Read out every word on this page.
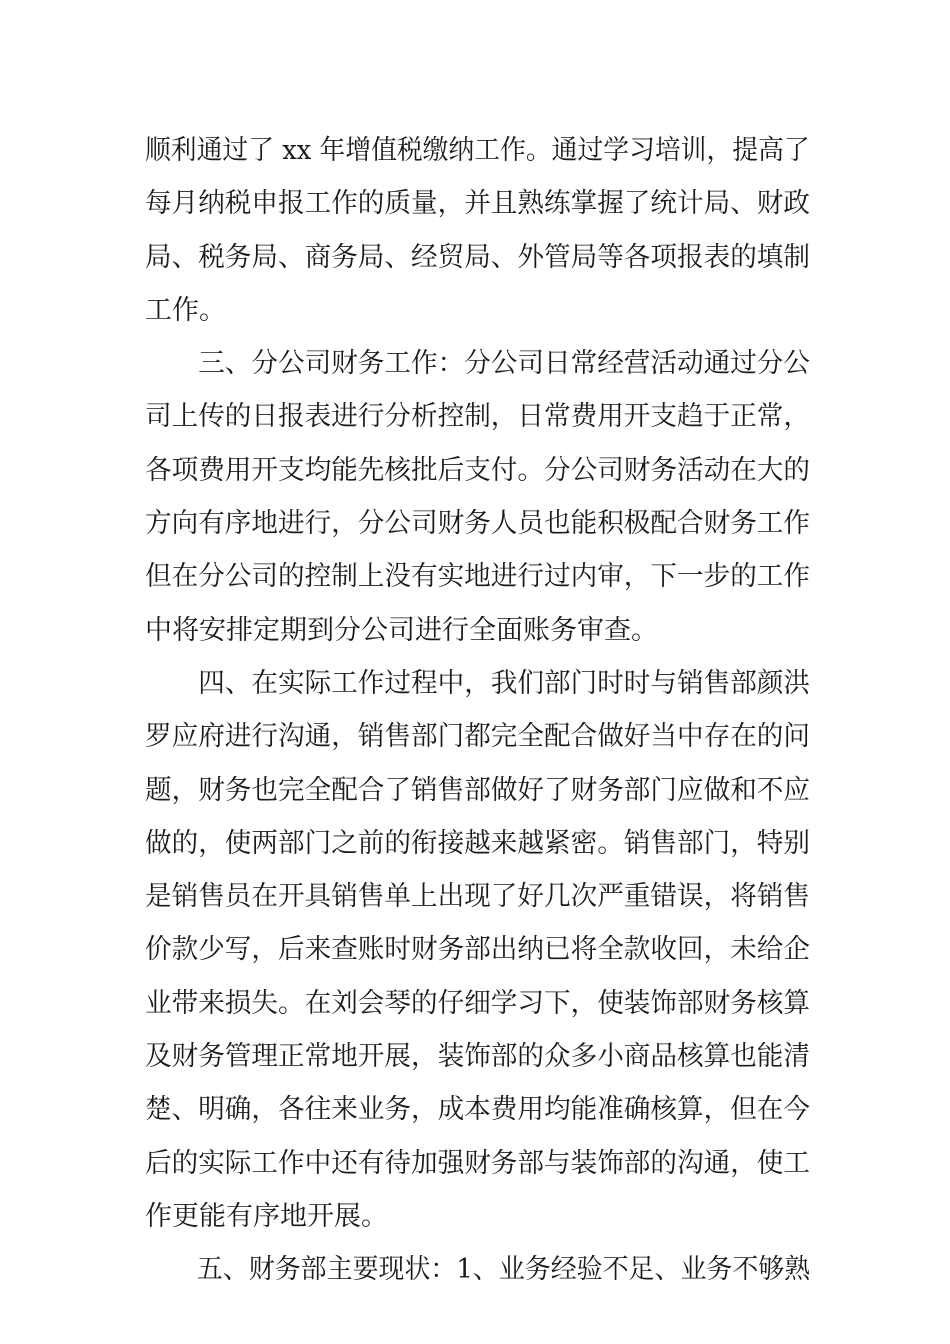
顺利通过了 xx 年增值税缴纳工作。通过学习培训，提高了
每月纳税申报工作的质量，并且熟练掌握了统计局、财政
局、税务局、商务局、经贸局、外管局等各项报表的填制
工作。
三、分公司财务工作：分公司日常经营活动通过分公
司上传的日报表进行分析控制，日常费用开支趋于正常，
各项费用开支均能先核批后支付。分公司财务活动在大的
方向有序地进行，分公司财务人员也能积极配合财务工作
但在分公司的控制上没有实地进行过内审，下一步的工作
中将安排定期到分公司进行全面账务审查。
四、在实际工作过程中，我们部门时时与销售部颜洪
罗应府进行沟通，销售部门都完全配合做好当中存在的问
题，财务也完全配合了销售部做好了财务部门应做和不应
做的，使两部门之前的衔接越来越紧密。销售部门，特别
是销售员在开具销售单上出现了好几次严重错误，将销售
价款少写，后来查账时财务部出纳已将全款收回，未给企
业带来损失。在刘会琴的仔细学习下，使装饰部财务核算
及财务管理正常地开展，装饰部的众多小商品核算也能清
楚、明确，各往来业务，成本费用均能准确核算，但在今
后的实际工作中还有待加强财务部与装饰部的沟通，使工
作更能有序地开展。
五、财务部主要现状：1、业务经验不足、业务不够熟
